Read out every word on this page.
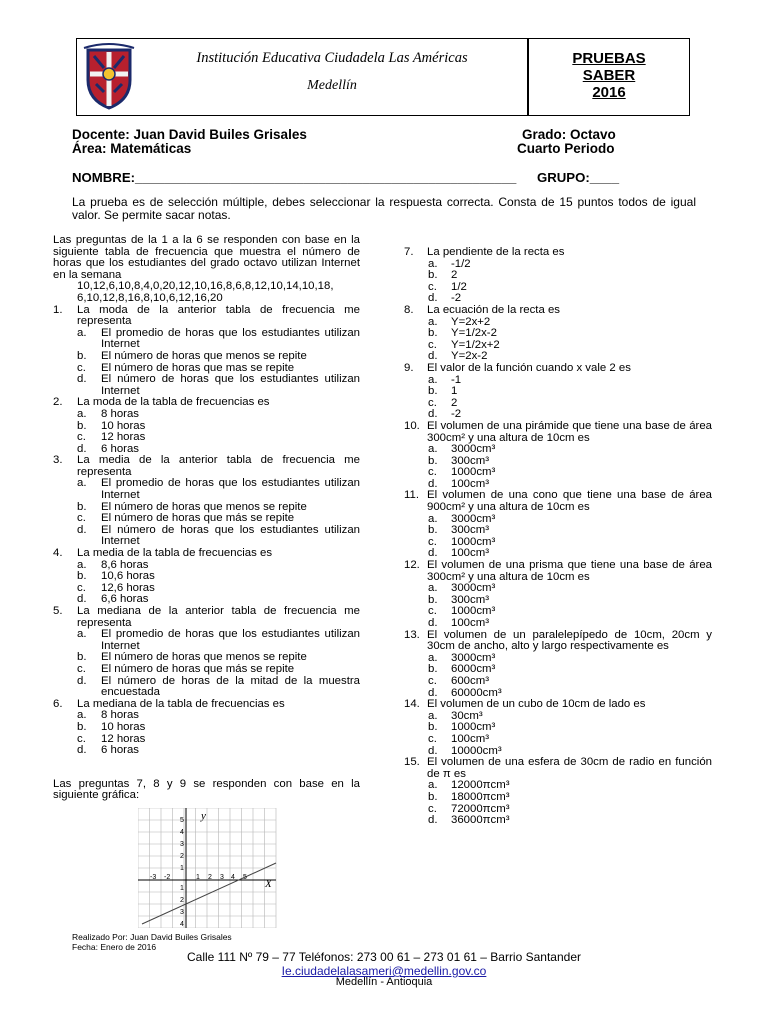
Institución Educativa Ciudadela Las Américas
Medellín
PRUEBAS
SABER
2016
Docente: Juan David Builes Grisales
Área: Matemáticas
Grado: Octavo
Cuarto Periodo
NOMBRE:____________________________________________________ GRUPO:____
La prueba es de selección múltiple, debes seleccionar la respuesta correcta. Consta de 15 puntos todos de igual valor. Se permite sacar notas.

Las preguntas de la 1 a la 6 se responden con base en la siguiente tabla de frecuencia que muestra el número de horas que los estudiantes del grado octavo utilizan Internet en la semana

10,12,6,10,8,4,0,20,12,10,16,8,6,8,12,10,14,10,18,

6,10,12,8,16,8,10,6,12,16,20

1. La moda de la anterior tabla de frecuencia me representa

a. El promedio de horas que los estudiantes utilizan Internet

b. El número de horas que menos se repite

c. El número de horas que mas se repite

d. El número de horas que los estudiantes utilizan Internet

2. La moda de la tabla de frecuencias es

a. 8 horas

b. 10 horas

c. 12 horas

d. 6 horas

3. La media de la anterior tabla de frecuencia me representa

a. El promedio de horas que los estudiantes utilizan Internet

b. El número de horas que menos se repite

c. El número de horas que más se repite

d. El número de horas que los estudiantes utilizan Internet

4. La media de la tabla de frecuencias es

a. 8,6 horas

b. 10,6 horas

c. 12,6 horas

d. 6,6 horas

5. La mediana de la anterior tabla de frecuencia me representa

a. El promedio de horas que los estudiantes utilizan Internet

b. El número de horas que menos se repite

c. El número de horas que más se repite

d. El número de horas de la mitad de la muestra encuestada

6. La mediana de la tabla de frecuencias es

a. 8 horas

b. 10 horas

c. 12 horas

d. 6 horas

Las preguntas 7, 8 y 9 se responden con base en la siguiente gráfica:

y
X
5
4
3
2
1
1
2
3
4
-3 -2	1 2 3 4 5

7. La pendiente de la recta es

a. -1/2

b. 2

c. 1/2

d. -2

8. La ecuación de la recta es

a. Y=2x+2

b. Y=1/2x-2

c. Y=1/2x+2

d. Y=2x-2

9. El valor de la función cuando x vale 2 es

a. -1

b. 1

c. 2

d. -2

10. El volumen de una pirámide que tiene una base de área 300cm² y una altura de 10cm es

a. 3000cm³

b. 300cm³

c. 1000cm³

d. 100cm³

11. El volumen de una cono que tiene una base de área 900cm² y una altura de 10cm es

a. 3000cm³

b. 300cm³

c. 1000cm³

d. 100cm³

12. El volumen de una prisma que tiene una base de área 300cm² y una altura de 10cm es

a. 3000cm³

b. 300cm³

c. 1000cm³

d. 100cm³

13. El volumen de un paralelepípedo de 10cm, 20cm y 30cm de ancho, alto y largo respectivamente es

a. 3000cm³

b. 6000cm³

c. 600cm³

d. 60000cm³

14. El volumen de un cubo de 10cm de lado es

a. 30cm³

b. 1000cm³

c. 100cm³

d. 10000cm³

15. El volumen de una esfera de 30cm de radio en función de π es

a. 12000πcm³

b. 18000πcm³

c. 72000πcm³

d. 36000πcm³

Realizado Por: Juan David Builes Grisales
Fecha: Enero de 2016
Calle 111 Nº 79 – 77 Teléfonos: 273 00 61 – 273 01 61 – Barrio Santander
Ie.ciudadelalasameri@medellin.gov.co
Medellín - Antioquia
